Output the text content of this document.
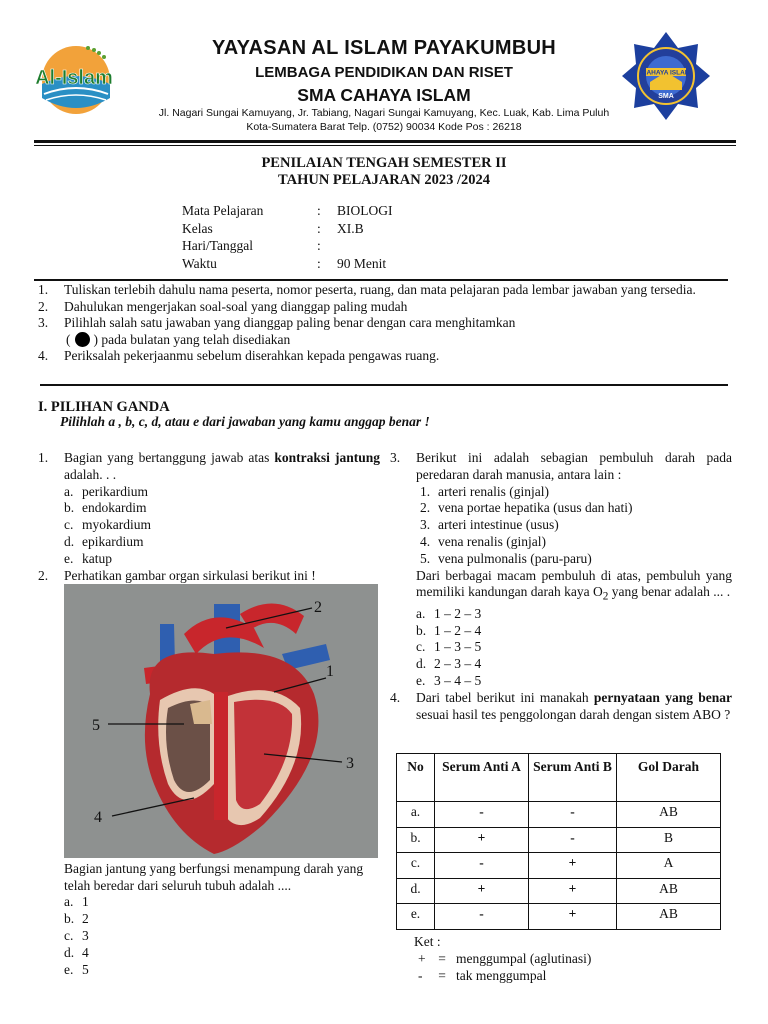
Al-Islam
YAYASAN AL ISLAM PAYAKUMBUH
LEMBAGA PENDIDIKAN DAN RISET
SMA CAHAYA ISLAM
Jl. Nagari Sungai Kamuyang, Jr. Tabiang, Nagari Sungai Kamuyang, Kec. Luak, Kab. Lima Puluh
Kota-Sumatera Barat Telp. (0752) 90034 Kode Pos : 26218
CAHAYA ISLAM
SMA
PENILAIAN TENGAH SEMESTER II
TAHUN PELAJARAN 2023 /2024
Mata Pelajaran	:	BIOLOGI
Kelas	:	XI.B
Hari/Tanggal	:
Waktu	:	90 Menit
1.	Tuliskan terlebih dahulu nama peserta, nomor peserta, ruang, dan mata pelajaran pada lembar jawaban yang tersedia.
2.	Dahulukan mengerjakan soal-soal yang dianggap paling mudah
3.	Pilihlah salah satu jawaban yang dianggap paling benar dengan cara menghitamkan
( ) pada bulatan yang telah disediakan
4.	Periksalah pekerjaanmu sebelum diserahkan kepada pengawas ruang.
I. PILIHAN GANDA
Pilihlah a , b, c, d, atau e dari jawaban yang kamu anggap benar !
1.	Bagian yang bertanggung jawab atas kontraksi jantung adalah. . .
a. perikardium
b. endokardim
c. myokardium
d. epikardium
e. katup
2.	Perhatikan gambar organ sirkulasi berikut ini !
1
2
3
4
5
Bagian jantung yang berfungsi menampung darah yang telah beredar dari seluruh tubuh adalah ....
a. 1
b. 2
c. 3
d. 4
e. 5
3.	Berikut ini adalah sebagian pembuluh darah pada peredaran darah manusia, antara lain :
1. arteri renalis (ginjal)
2. vena portae hepatika (usus dan hati)
3. arteri intestinue (usus)
4. vena renalis (ginjal)
5. vena pulmonalis (paru-paru)
Dari berbagai macam pembuluh di atas, pembuluh yang memiliki kandungan darah kaya $O_2$ yang benar adalah ... .
a. 1 – 2 – 3
b. 1 – 2 – 4
c. 1 – 3 – 5
d. 2 – 3 – 4
e. 3 – 4 – 5
4.	Dari tabel berikut ini manakah pernyataan yang benar sesuai hasil tes penggolongan darah dengan sistem ABO ?
No	Serum Anti A	Serum Anti B	Gol Darah
a.	-	-	AB
b.	+	-	B
c.	-	+	A
d.	+	+	AB
e.	-	+	AB
Ket :
+ = menggumpal (aglutinasi)
-	= tak menggumpal
